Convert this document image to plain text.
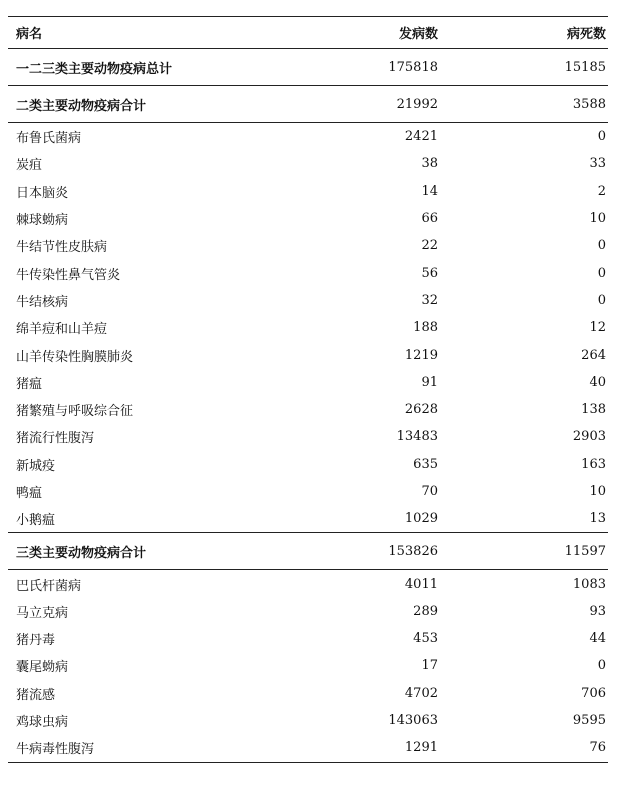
病名	发病数	病死数
一二三类主要动物疫病总计	175818	15185
二类主要动物疫病合计	21992	3588
布鲁氏菌病	2421	0
炭疽	38	33
日本脑炎	14	2
棘球蚴病	66	10
牛结节性皮肤病	22	0
牛传染性鼻气管炎	56	0
牛结核病	32	0
绵羊痘和山羊痘	188	12
山羊传染性胸膜肺炎	1219	264
猪瘟	91	40
猪繁殖与呼吸综合征	2628	138
猪流行性腹泻	13483	2903
新城疫	635	163
鸭瘟	70	10
小鹅瘟	1029	13
三类主要动物疫病合计	153826	11597
巴氏杆菌病	4011	1083
马立克病	289	93
猪丹毒	453	44
囊尾蚴病	17	0
猪流感	4702	706
鸡球虫病	143063	9595
牛病毒性腹泻	1291	76
